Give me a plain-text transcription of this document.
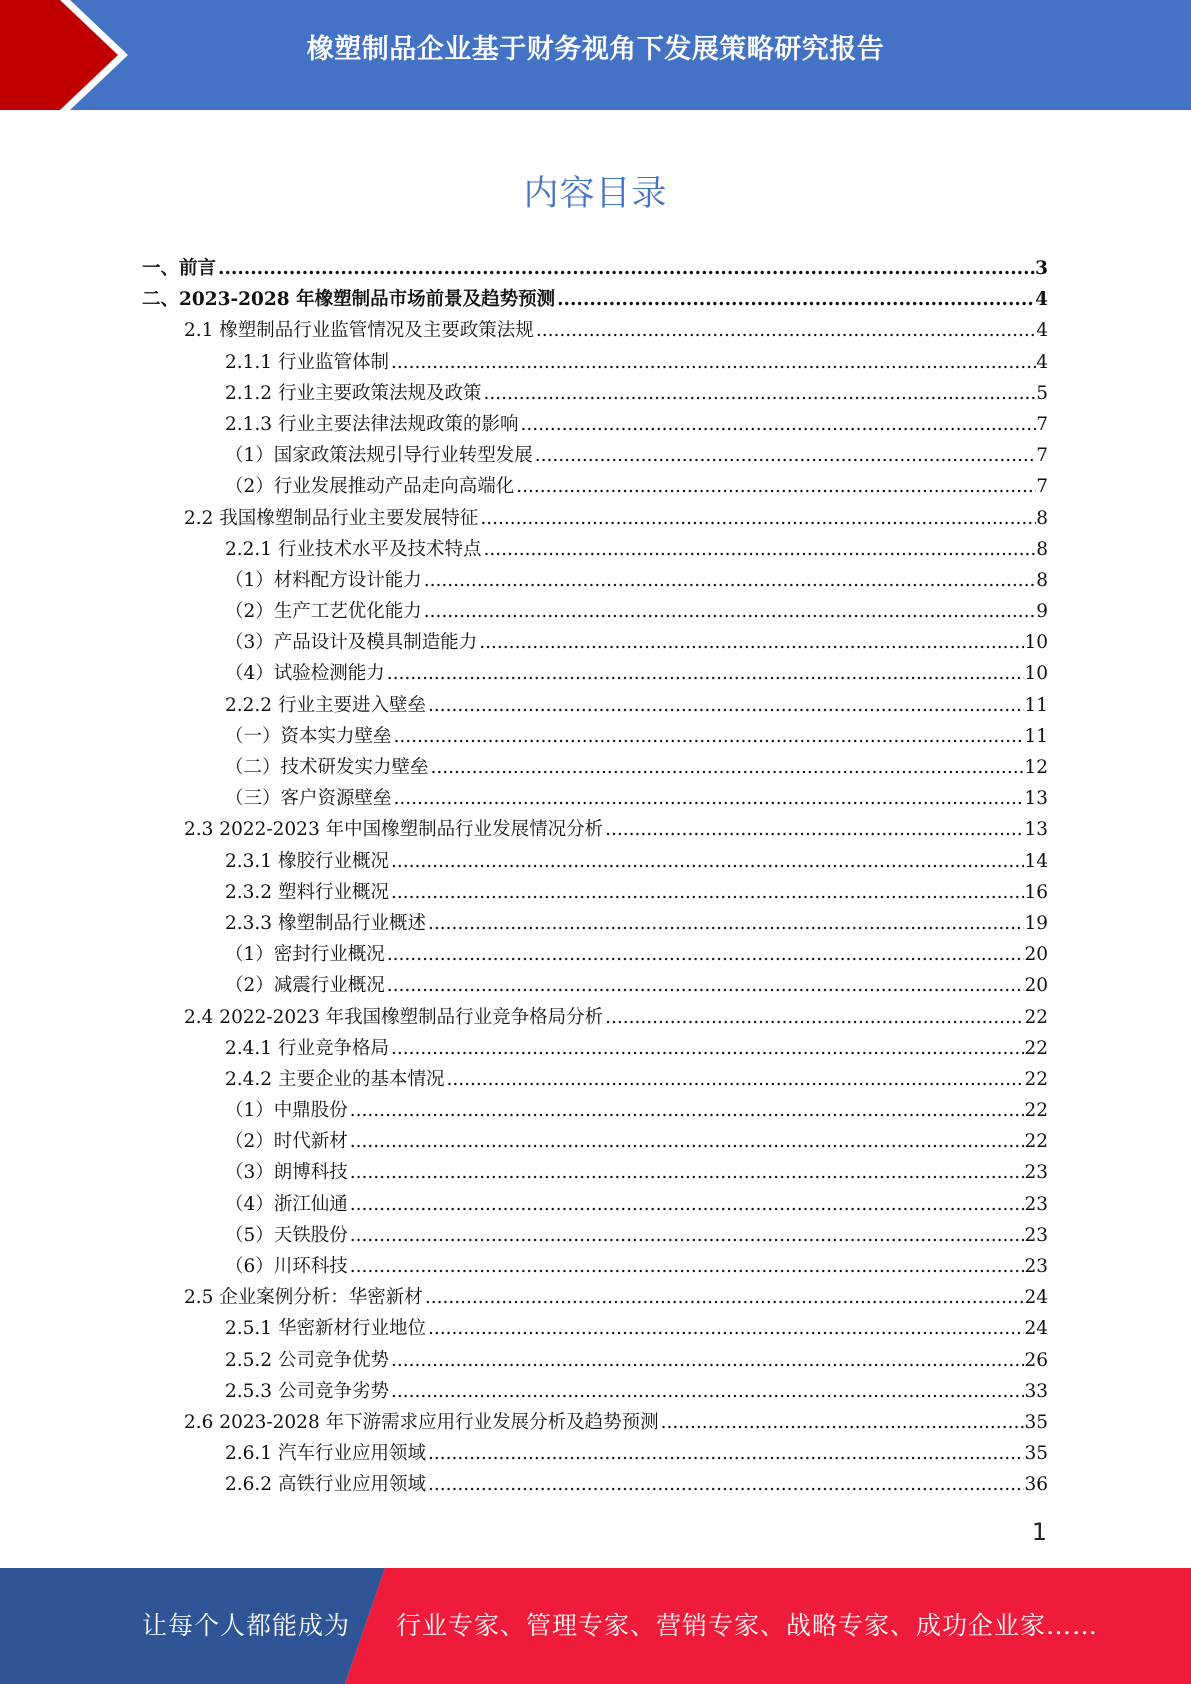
橡塑制品企业基于财务视角下发展策略研究报告
内容目录
一、前言 .....	3
二、2023-2028 年橡塑制品市场前景及趋势预测 .....	4
2.1 橡塑制品行业监管情况及主要政策法规 .....	4
2.1.1 行业监管体制 .....	4
2.1.2 行业主要政策法规及政策 .....	5
2.1.3 行业主要法律法规政策的影响 .....	7
（1）国家政策法规引导行业转型发展 .....	7
（2）行业发展推动产品走向高端化 .....	7
2.2 我国橡塑制品行业主要发展特征 .....	8
2.2.1 行业技术水平及技术特点 .....	8
（1）材料配方设计能力 .....	8
（2）生产工艺优化能力 .....	9
（3）产品设计及模具制造能力 .....	10
（4）试验检测能力 .....	10
2.2.2 行业主要进入壁垒 .....	11
（一）资本实力壁垒 .....	11
（二）技术研发实力壁垒 .....	12
（三）客户资源壁垒 .....	13
2.3 2022-2023 年中国橡塑制品行业发展情况分析 .....	13
2.3.1 橡胶行业概况 .....	14
2.3.2 塑料行业概况 .....	16
2.3.3 橡塑制品行业概述 .....	19
（1）密封行业概况 .....	20
（2）减震行业概况 .....	20
2.4 2022-2023 年我国橡塑制品行业竞争格局分析 .....	22
2.4.1 行业竞争格局 .....	22
2.4.2 主要企业的基本情况 .....	22
（1）中鼎股份 .....	22
（2）时代新材 .....	22
（3）朗博科技 .....	23
（4）浙江仙通 .....	23
（5）天铁股份 .....	23
（6）川环科技 .....	23
2.5 企业案例分析：华密新材 .....	24
2.5.1 华密新材行业地位 .....	24
2.5.2 公司竞争优势 .....	26
2.5.3 公司竞争劣势 .....	33
2.6 2023-2028 年下游需求应用行业发展分析及趋势预测 .....	35
2.6.1 汽车行业应用领域 .....	35
2.6.2 高铁行业应用领域 .....	36
1
让每个人都能成为 行业专家、管理专家、营销专家、战略专家、成功企业家……
